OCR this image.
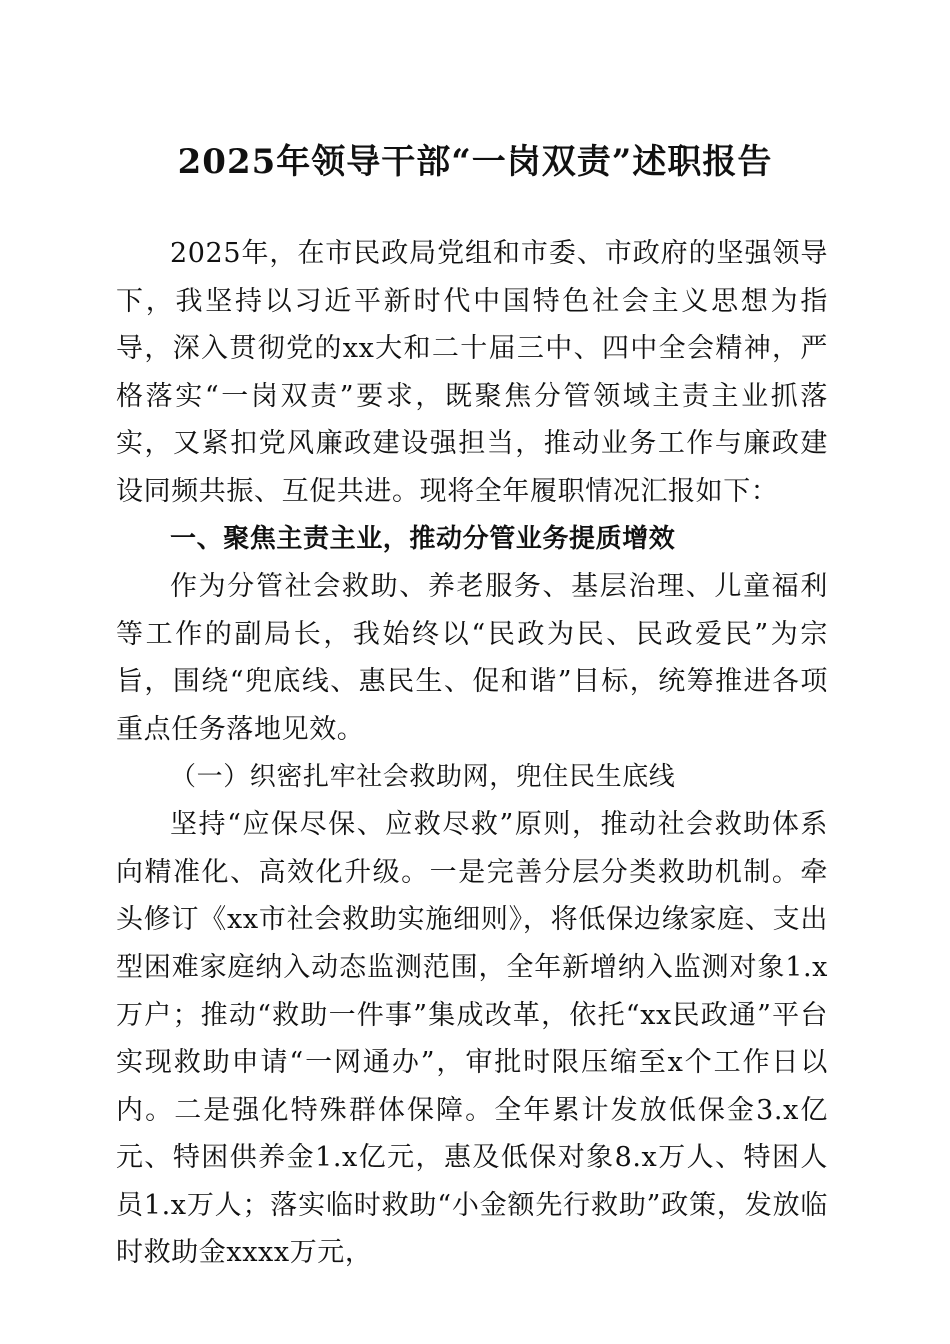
2025年领导干部“一岗双责”述职报告

2025年，在市民政局党组和市委、市政府的坚强领导下，我坚持以习近平新时代中国特色社会主义思想为指导，深入贯彻党的xx大和二十届三中、四中全会精神，严格落实“一岗双责”要求，既聚焦分管领域主责主业抓落实，又紧扣党风廉政建设强担当，推动业务工作与廉政建设同频共振、互促共进。现将全年履职情况汇报如下：

一、聚焦主责主业，推动分管业务提质增效

作为分管社会救助、养老服务、基层治理、儿童福利等工作的副局长，我始终以“民政为民、民政爱民”为宗旨，围绕“兜底线、惠民生、促和谐”目标，统筹推进各项重点任务落地见效。

（一）织密扎牢社会救助网，兜住民生底线

坚持“应保尽保、应救尽救”原则，推动社会救助体系向精准化、高效化升级。一是完善分层分类救助机制。牵头修订《xx市社会救助实施细则》，将低保边缘家庭、支出型困难家庭纳入动态监测范围，全年新增纳入监测对象1.x万户；推动“救助一件事”集成改革，依托“xx民政通”平台实现救助申请“一网通办”，审批时限压缩至x个工作日以内。二是强化特殊群体保障。全年累计发放低保金3.x亿元、特困供养金1.x亿元，惠及低保对象8.x万人、特困人员1.x万人；落实临时救助“小金额先行救助”政策，发放临时救助金xxxx万元，
